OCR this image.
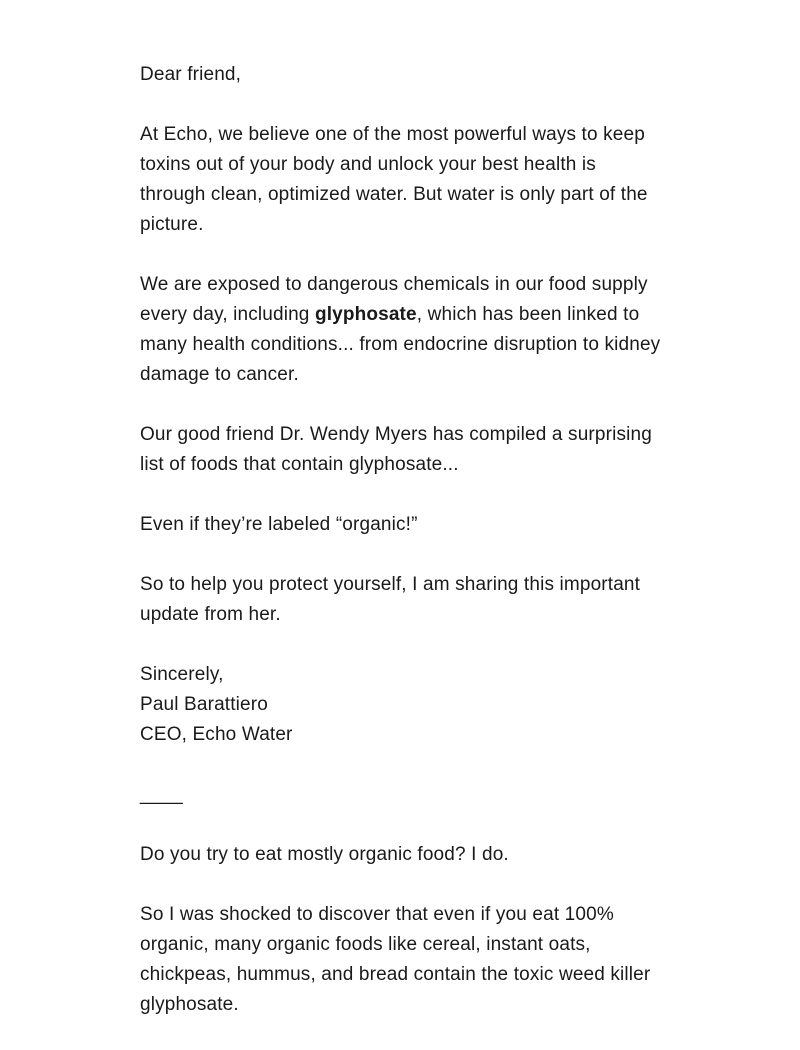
Dear friend,

At Echo, we believe one of the most powerful ways to keep toxins out of your body and unlock your best health is through clean, optimized water. But water is only part of the picture.

We are exposed to dangerous chemicals in our food supply every day, including glyphosate, which has been linked to many health conditions... from endocrine disruption to kidney damage to cancer.

Our good friend Dr. Wendy Myers has compiled a surprising list of foods that contain glyphosate...

Even if they’re labeled “organic!”

So to help you protect yourself, I am sharing this important update from her.

Sincerely,
Paul Barattiero
CEO, Echo Water

____

Do you try to eat mostly organic food? I do.

So I was shocked to discover that even if you eat 100% organic, many organic foods like cereal, instant oats, chickpeas, hummus, and bread contain the toxic weed killer glyphosate.
